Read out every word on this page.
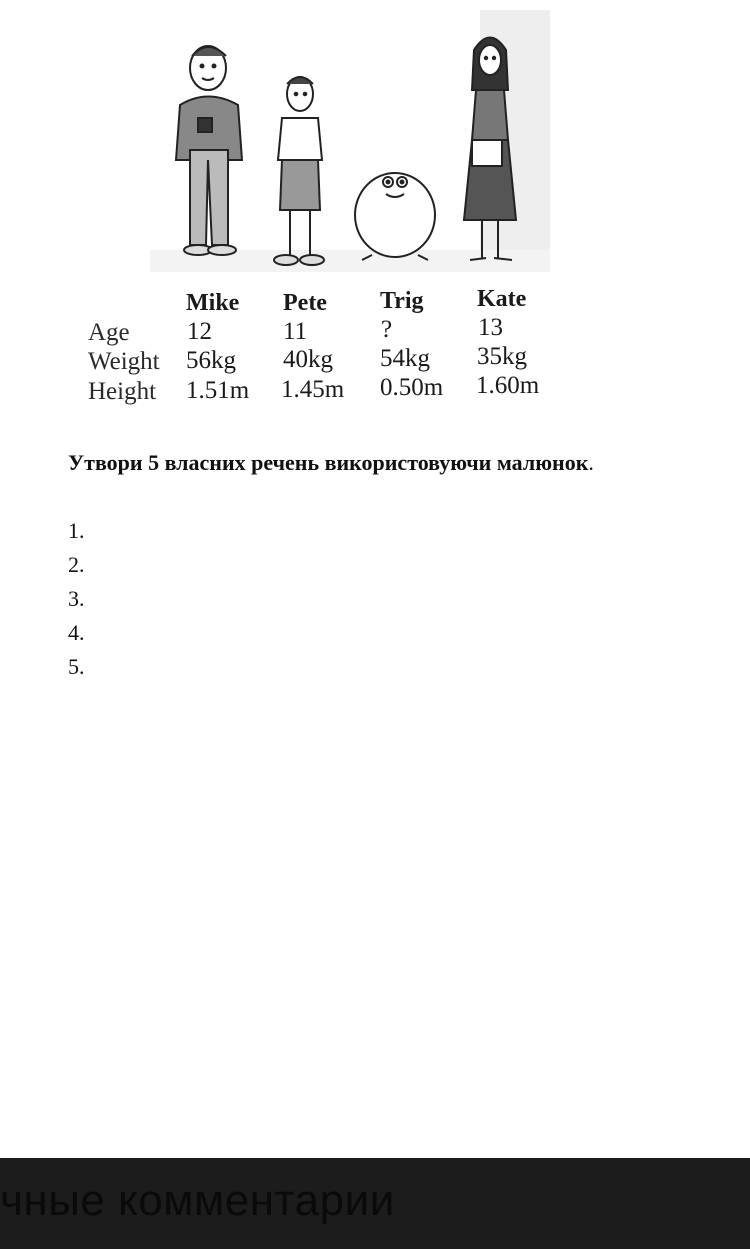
Mike Pete Trig Kate
Age 12	11	?	13
Weight 56kg 40kg 54kg 35kg
Height 1.51m 1.45m 0.50m 1.60m
Утвори 5 власних речень використовуючи малюнок.
1.
2.
3.
4.
5.
чные комментарии
